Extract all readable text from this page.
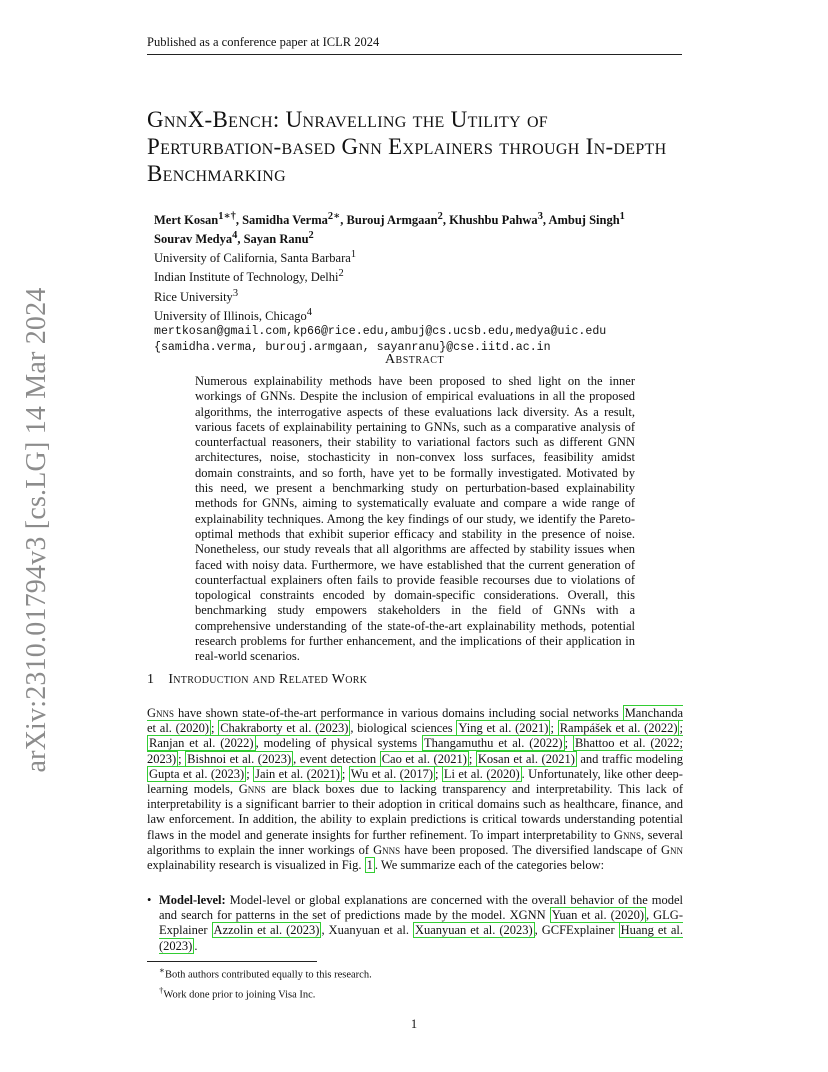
arXiv:2310.01794v3 [cs.LG] 14 Mar 2024
Published as a conference paper at ICLR 2024
GnnX-Bench: Unravelling the Utility of Perturbation-based Gnn Explainers through In-depth Benchmarking
Mert Kosan$^{1∗\dagger}$, Samidha Verma$^{2∗}$, Burouj Armgaan$^2$, Khushbu Pahwa$^3$, Ambuj Singh$^1$
Sourav Medya$^4$, Sayan Ranu$^2$
University of California, Santa Barbara$^1$
Indian Institute of Technology, Delhi$^2$
Rice University$^3$
University of Illinois, Chicago$^4$
mertkosan@gmail.com,kp66@rice.edu,ambuj@cs.ucsb.edu,medya@uic.edu
{samidha.verma, burouj.armgaan, sayanranu}@cse.iitd.ac.in
Abstract

Numerous explainability methods have been proposed to shed light on the inner workings of GNNs. Despite the inclusion of empirical evaluations in all the proposed algorithms, the interrogative aspects of these evaluations lack diversity. As a result, various facets of explainability pertaining to GNNs, such as a comparative analysis of counterfactual reasoners, their stability to variational factors such as different GNN architectures, noise, stochasticity in non-convex loss surfaces, feasibility amidst domain constraints, and so forth, have yet to be formally investigated. Motivated by this need, we present a benchmarking study on perturbation-based explainability methods for GNNs, aiming to systematically evaluate and compare a wide range of explainability techniques. Among the key findings of our study, we identify the Pareto-optimal methods that exhibit superior efficacy and stability in the presence of noise. Nonetheless, our study reveals that all algorithms are affected by stability issues when faced with noisy data. Furthermore, we have established that the current generation of counterfactual explainers often fails to provide feasible recourses due to violations of topological constraints encoded by domain-specific considerations. Overall, this benchmarking study empowers stakeholders in the field of GNNs with a comprehensive understanding of the state-of-the-art explainability methods, potential research problems for further enhancement, and the implications of their application in real-world scenarios.

1 Introduction and Related Work

Gnns have shown state-of-the-art performance in various domains including social networks Manchanda et al. (2020) ; Chakraborty et al. (2023) , biological sciences Ying et al. (2021) ; Rampášek et al. (2022) ; Ranjan et al. (2022) , modeling of physical systems Thangamuthu et al. (2022) ; Bhattoo et al. (2022; 2023) ; Bishnoi et al. (2023) , event detection Cao et al. (2021) ; Kosan et al. (2021) and traffic modeling Gupta et al. (2023) ; Jain et al. (2021) ; Wu et al. (2017) ; Li et al. (2020) . Unfortunately, like other deep-learning models, Gnns are black boxes due to lacking transparency and interpretability. This lack of interpretability is a significant barrier to their adoption in critical domains such as healthcare, finance, and law enforcement. In addition, the ability to explain predictions is critical towards understanding potential flaws in the model and generate insights for further refinement. To impart interpretability to Gnns, several algorithms to explain the inner workings of Gnns have been proposed. The diversified landscape of Gnn explainability research is visualized in Fig. 1 . We summarize each of the categories below:

• Model-level: Model-level or global explanations are concerned with the overall behavior of the model and search for patterns in the set of predictions made by the model. XGNN Yuan et al. (2020) , GLG-Explainer Azzolin et al. (2023) , Xuanyuan et al. Xuanyuan et al. (2023) , GCFExplainer Huang et al. (2023) .
∗Both authors contributed equally to this research.
†Work done prior to joining Visa Inc.
1
